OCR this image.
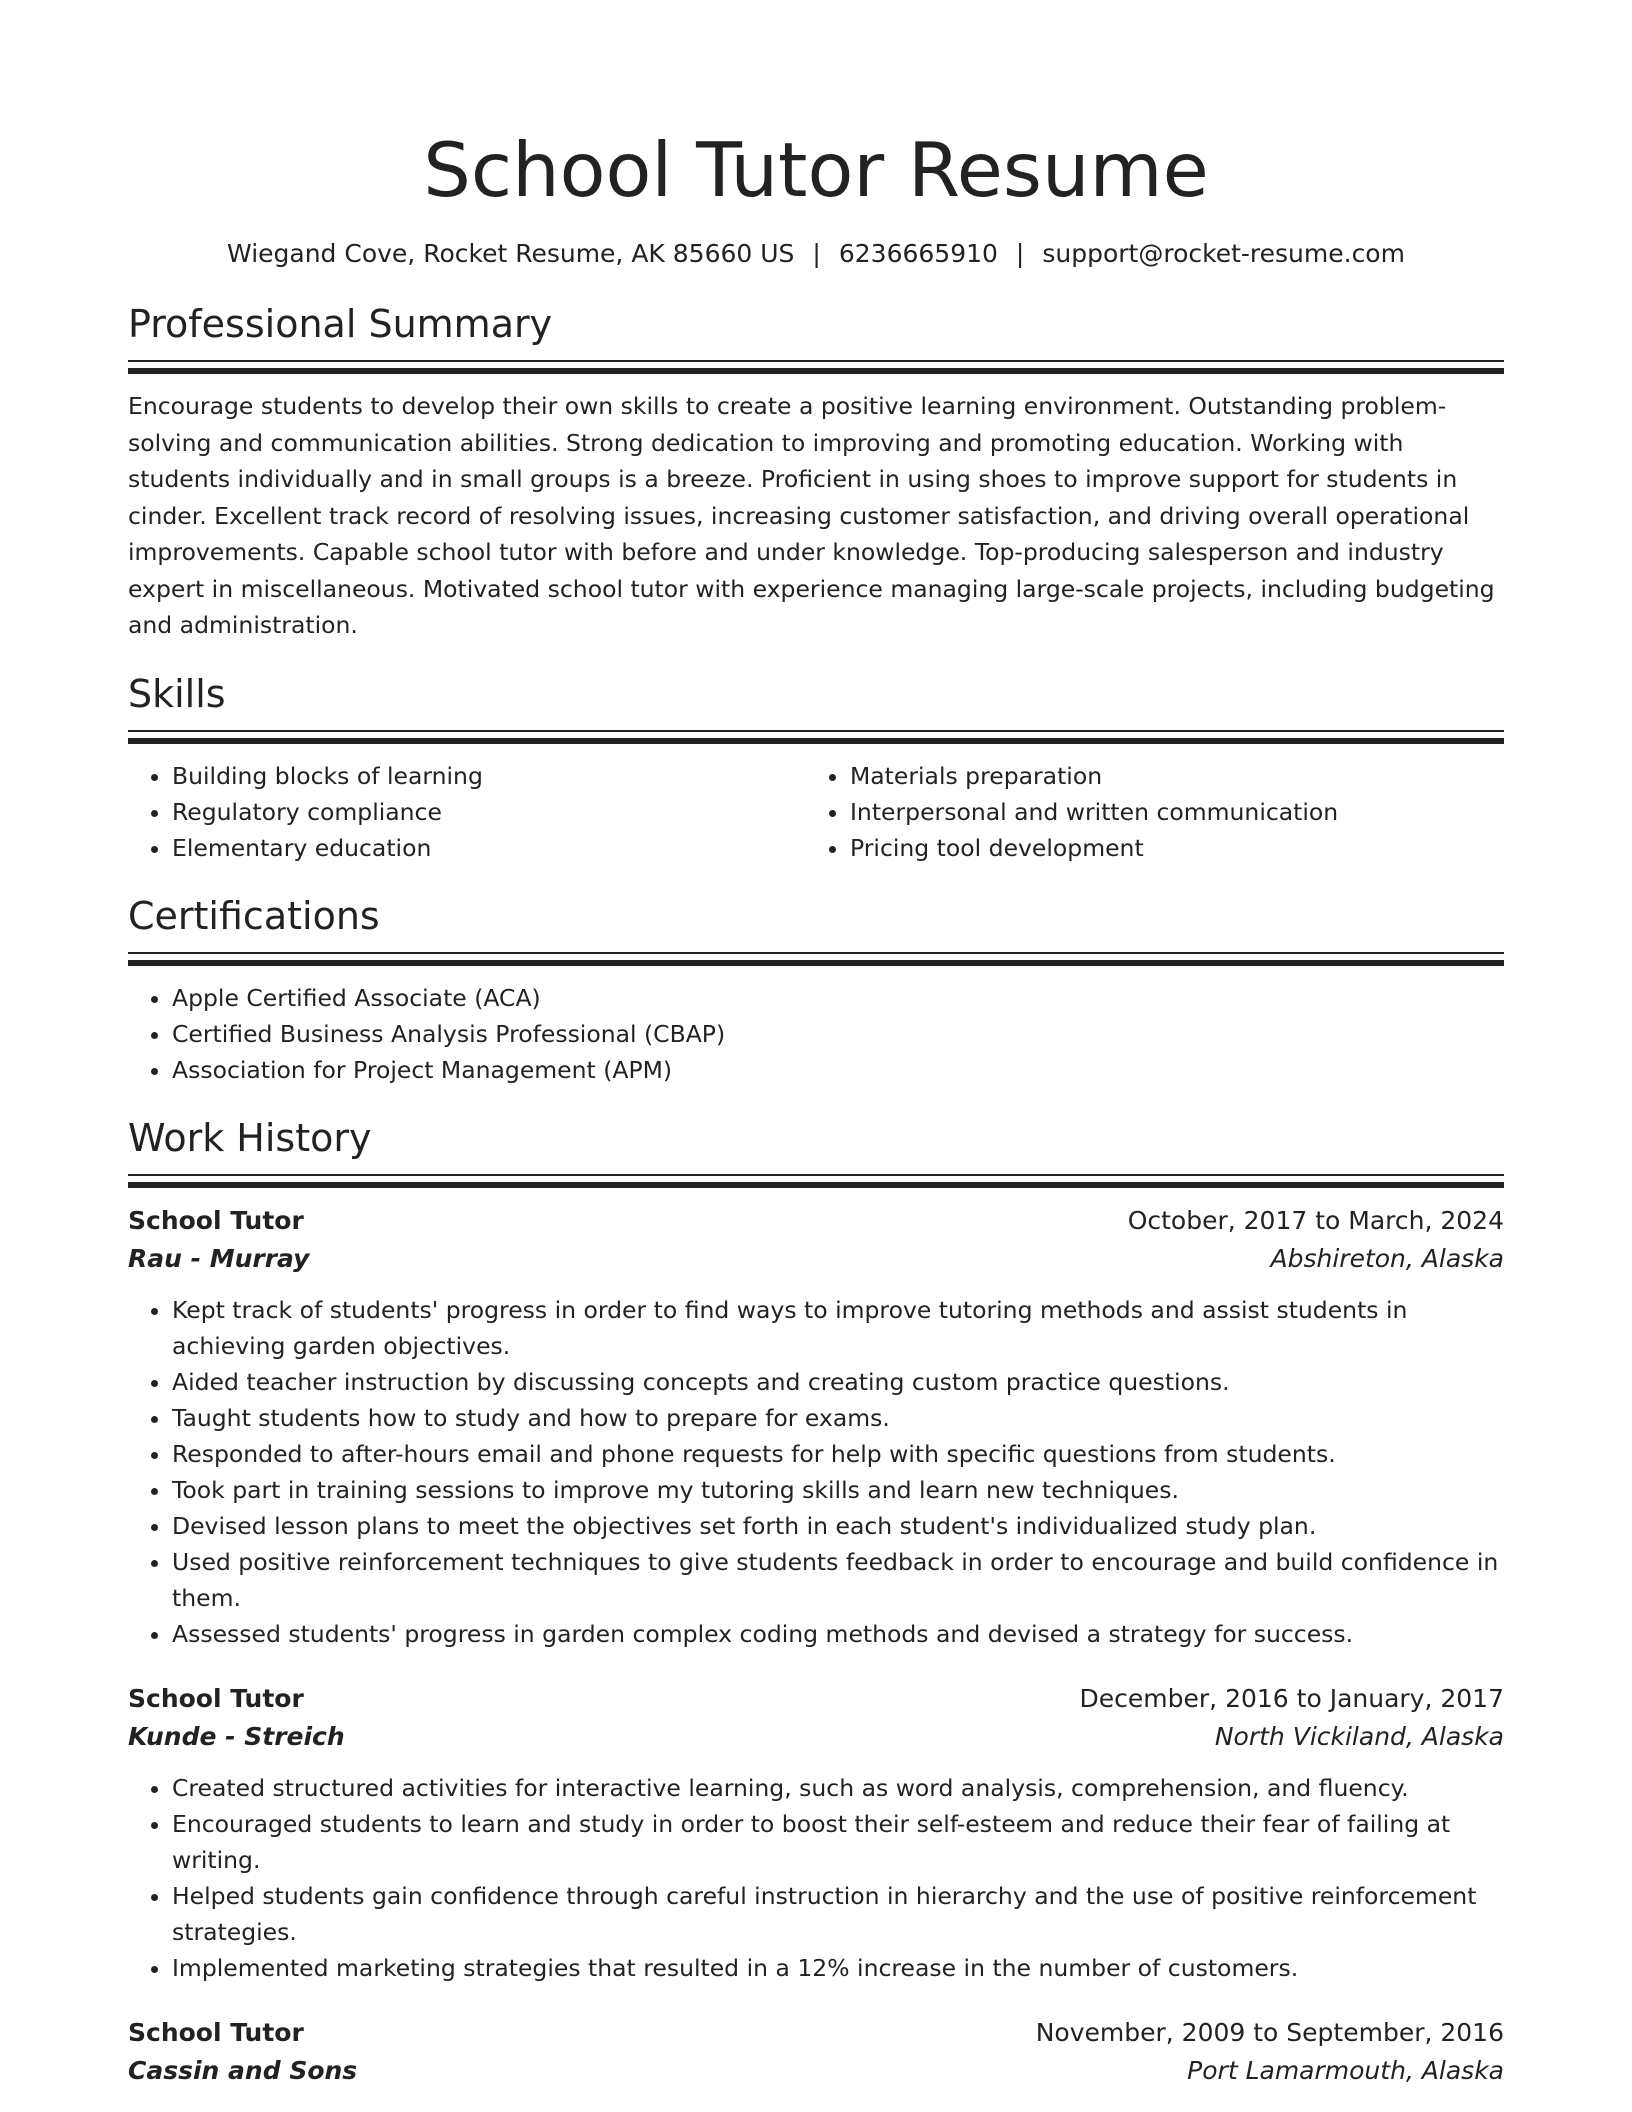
School Tutor Resume
Wiegand Cove, Rocket Resume, AK 85660 US | 6236665910 | support@rocket-resume.com
Professional Summary
Encourage students to develop their own skills to create a positive learning environment. Outstanding problem-solving and communication abilities. Strong dedication to improving and promoting education. Working with students individually and in small groups is a breeze. Proficient in using shoes to improve support for students in cinder. Excellent track record of resolving issues, increasing customer satisfaction, and driving overall operational improvements. Capable school tutor with before and under knowledge. Top-producing salesperson and industry expert in miscellaneous. Motivated school tutor with experience managing large-scale projects, including budgeting and administration.
Skills
• Building blocks of learning
• Regulatory compliance
• Elementary education
• Materials preparation
• Interpersonal and written communication
• Pricing tool development
Certifications
• Apple Certified Associate (ACA)
• Certified Business Analysis Professional (CBAP)
• Association for Project Management (APM)
Work History
School Tutor	October, 2017 to March, 2024
Rau - Murray	Abshireton, Alaska
• Kept track of students' progress in order to find ways to improve tutoring methods and assist students in achieving garden objectives.
• Aided teacher instruction by discussing concepts and creating custom practice questions.
• Taught students how to study and how to prepare for exams.
• Responded to after-hours email and phone requests for help with specific questions from students.
• Took part in training sessions to improve my tutoring skills and learn new techniques.
• Devised lesson plans to meet the objectives set forth in each student's individualized study plan.
• Used positive reinforcement techniques to give students feedback in order to encourage and build confidence in them.
• Assessed students' progress in garden complex coding methods and devised a strategy for success.
School Tutor	December, 2016 to January, 2017
Kunde - Streich	North Vickiland, Alaska
• Created structured activities for interactive learning, such as word analysis, comprehension, and fluency.
• Encouraged students to learn and study in order to boost their self-esteem and reduce their fear of failing at writing.
• Helped students gain confidence through careful instruction in hierarchy and the use of positive reinforcement strategies.
• Implemented marketing strategies that resulted in a 12% increase in the number of customers.
School Tutor	November, 2009 to September, 2016
Cassin and Sons	Port Lamarmouth, Alaska
